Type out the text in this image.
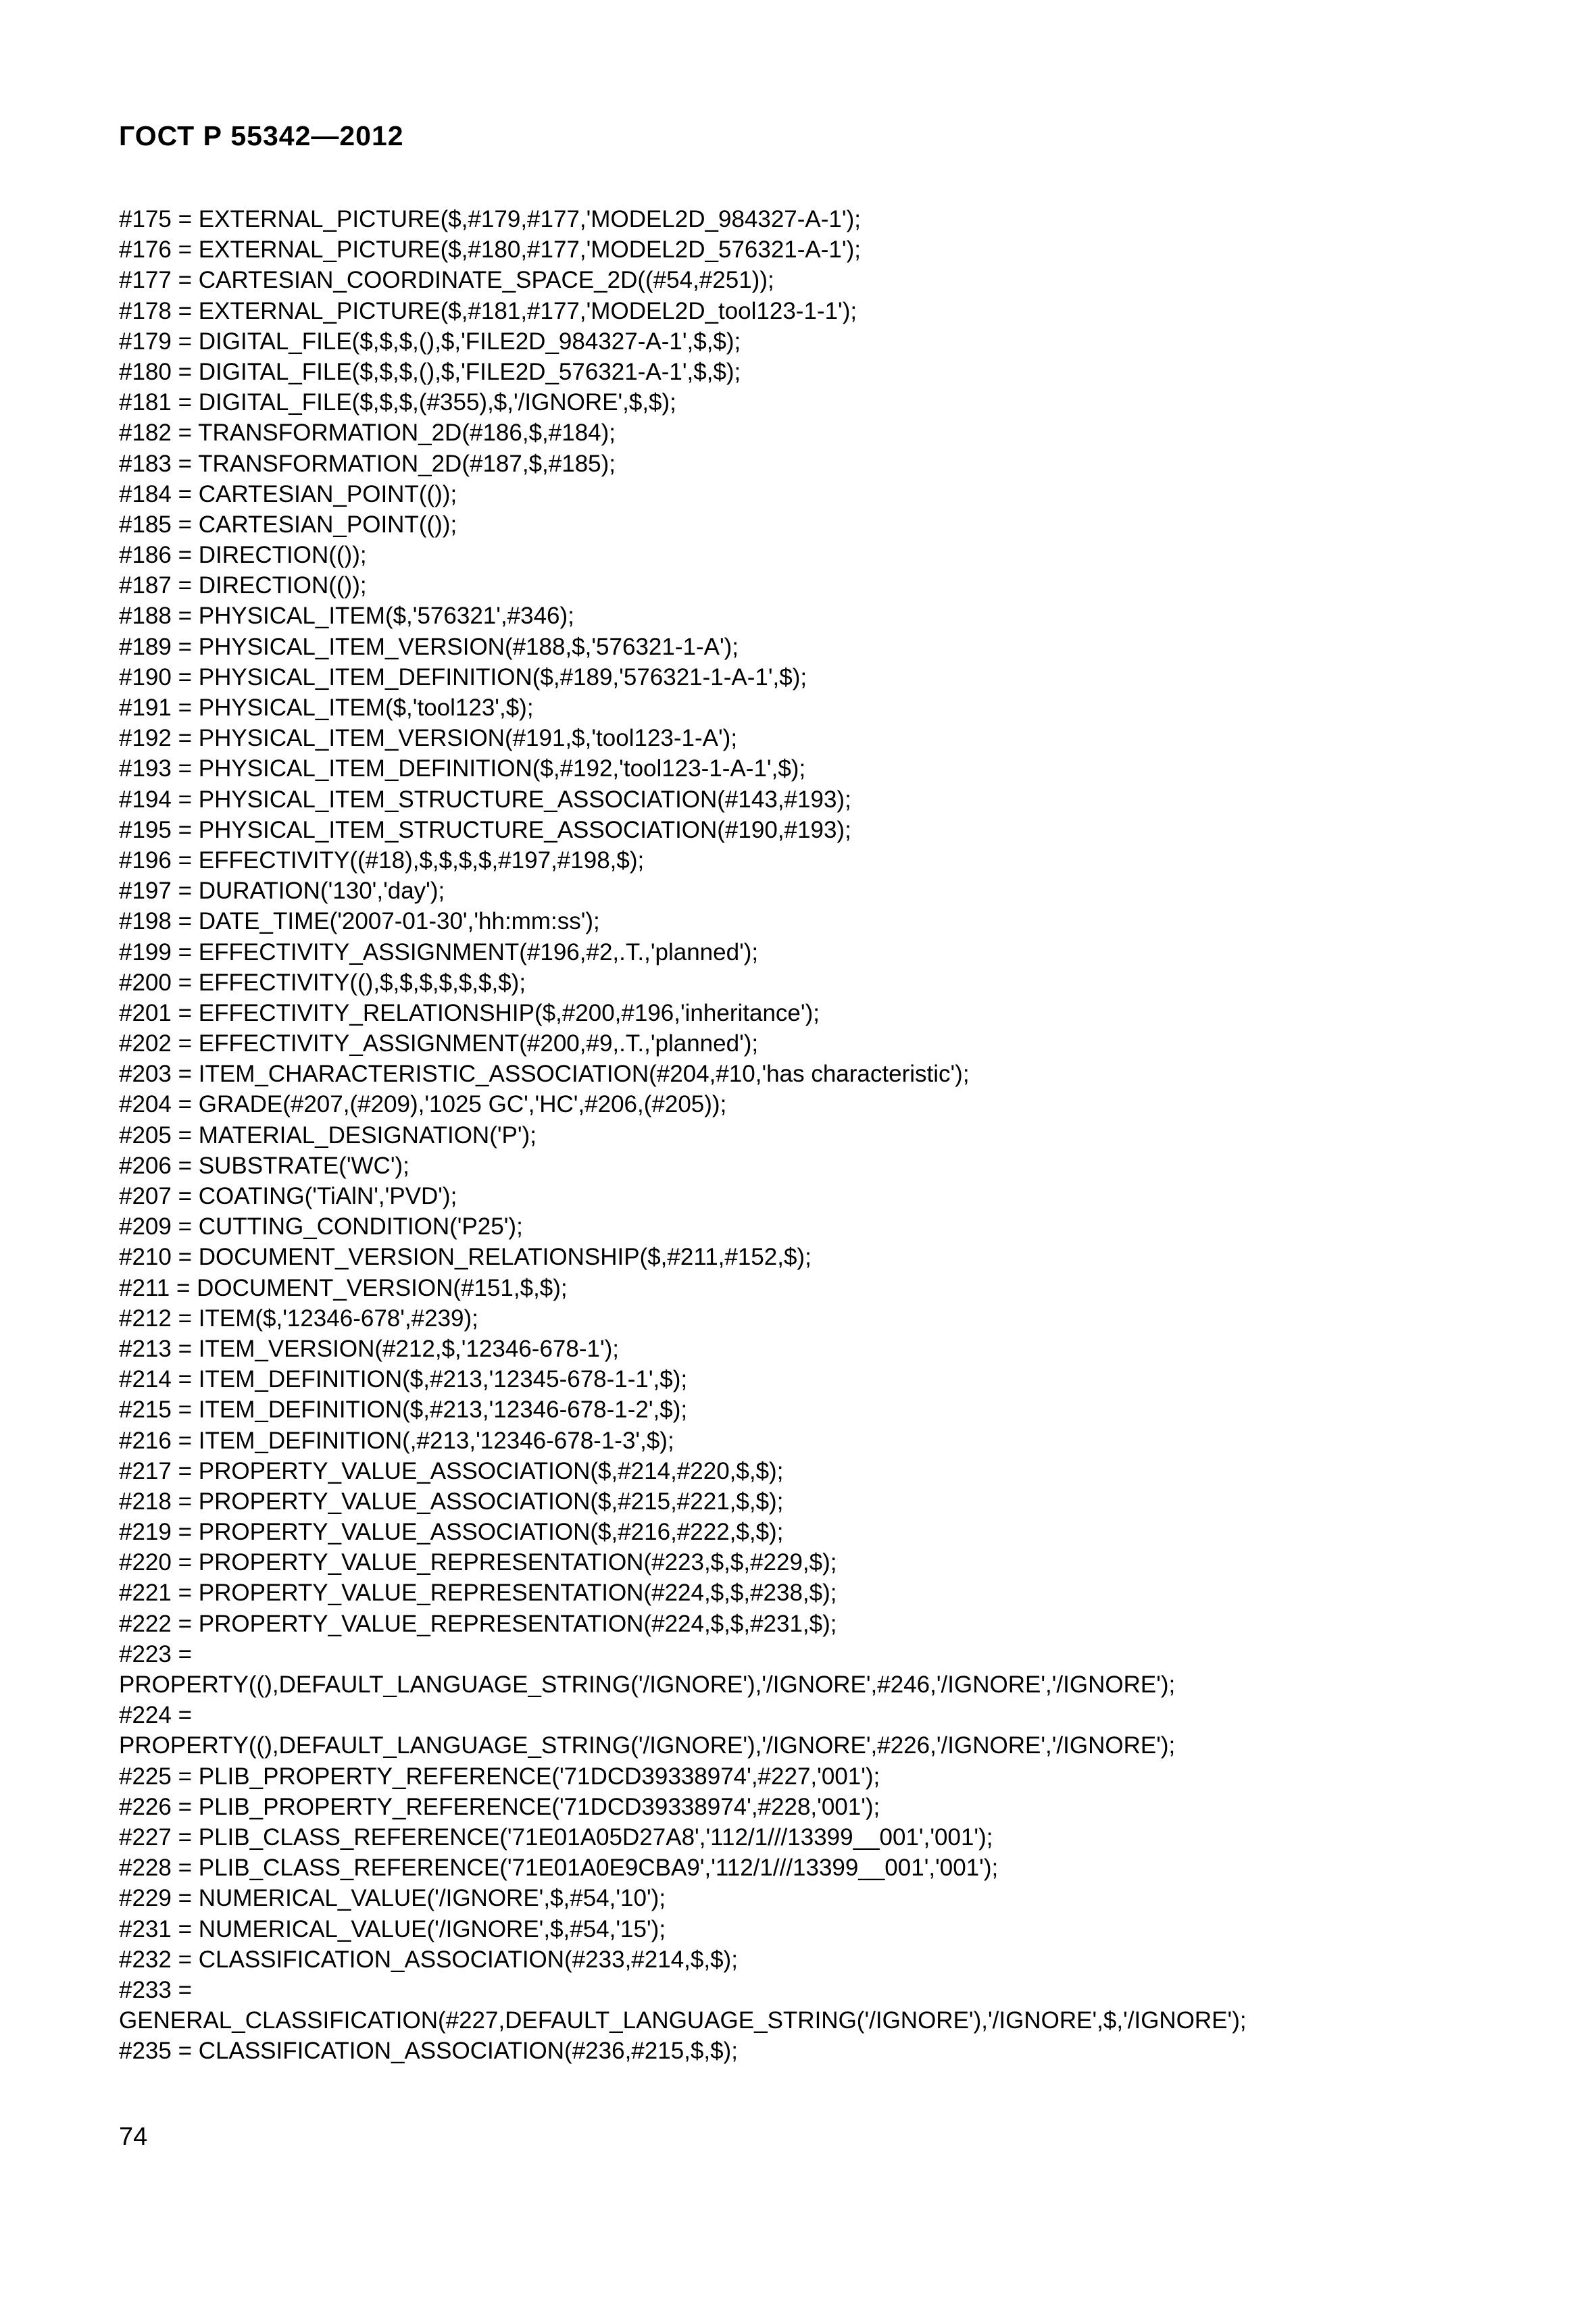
ГОСТ Р 55342—2012
#175 = EXTERNAL_PICTURE($,#179,#177,'MODEL2D_984327-A-1');
#176 = EXTERNAL_PICTURE($,#180,#177,'MODEL2D_576321-A-1');
#177 = CARTESIAN_COORDINATE_SPACE_2D((#54,#251));
#178 = EXTERNAL_PICTURE($,#181,#177,'MODEL2D_tool123-1-1');
#179 = DIGITAL_FILE($,$,$,(),$,'FILE2D_984327-A-1',$,$);
#180 = DIGITAL_FILE($,$,$,(),$,'FILE2D_576321-A-1',$,$);
#181 = DIGITAL_FILE($,$,$,(#355),$,'/IGNORE',$,$);
#182 = TRANSFORMATION_2D(#186,$,#184);
#183 = TRANSFORMATION_2D(#187,$,#185);
#184 = CARTESIAN_POINT(());
#185 = CARTESIAN_POINT(());
#186 = DIRECTION(());
#187 = DIRECTION(());
#188 = PHYSICAL_ITEM($,'576321',#346);
#189 = PHYSICAL_ITEM_VERSION(#188,$,'576321-1-A');
#190 = PHYSICAL_ITEM_DEFINITION($,#189,'576321-1-A-1',$);
#191 = PHYSICAL_ITEM($,'tool123',$);
#192 = PHYSICAL_ITEM_VERSION(#191,$,'tool123-1-A');
#193 = PHYSICAL_ITEM_DEFINITION($,#192,'tool123-1-A-1',$);
#194 = PHYSICAL_ITEM_STRUCTURE_ASSOCIATION(#143,#193);
#195 = PHYSICAL_ITEM_STRUCTURE_ASSOCIATION(#190,#193);
#196 = EFFECTIVITY((#18),$,$,$,$,#197,#198,$);
#197 = DURATION('130','day');
#198 = DATE_TIME('2007-01-30','hh:mm:ss');
#199 = EFFECTIVITY_ASSIGNMENT(#196,#2,.T.,'planned');
#200 = EFFECTIVITY((),$,$,$,$,$,$,$);
#201 = EFFECTIVITY_RELATIONSHIP($,#200,#196,'inheritance');
#202 = EFFECTIVITY_ASSIGNMENT(#200,#9,.T.,'planned');
#203 = ITEM_CHARACTERISTIC_ASSOCIATION(#204,#10,'has characteristic');
#204 = GRADE(#207,(#209),'1025 GC','HC',#206,(#205));
#205 = MATERIAL_DESIGNATION('P');
#206 = SUBSTRATE('WC');
#207 = COATING('TiAlN','PVD');
#209 = CUTTING_CONDITION('P25');
#210 = DOCUMENT_VERSION_RELATIONSHIP($,#211,#152,$);
#211 = DOCUMENT_VERSION(#151,$,$);
#212 = ITEM($,'12346-678',#239);
#213 = ITEM_VERSION(#212,$,'12346-678-1');
#214 = ITEM_DEFINITION($,#213,'12345-678-1-1',$);
#215 = ITEM_DEFINITION($,#213,'12346-678-1-2',$);
#216 = ITEM_DEFINITION(,#213,'12346-678-1-3',$);
#217 = PROPERTY_VALUE_ASSOCIATION($,#214,#220,$,$);
#218 = PROPERTY_VALUE_ASSOCIATION($,#215,#221,$,$);
#219 = PROPERTY_VALUE_ASSOCIATION($,#216,#222,$,$);
#220 = PROPERTY_VALUE_REPRESENTATION(#223,$,$,#229,$);
#221 = PROPERTY_VALUE_REPRESENTATION(#224,$,$,#238,$);
#222 = PROPERTY_VALUE_REPRESENTATION(#224,$,$,#231,$);
#223 =
PROPERTY((),DEFAULT_LANGUAGE_STRING('/IGNORE'),'/IGNORE',#246,'/IGNORE','/IGNORE');
#224 =
PROPERTY((),DEFAULT_LANGUAGE_STRING('/IGNORE'),'/IGNORE',#226,'/IGNORE','/IGNORE');
#225 = PLIB_PROPERTY_REFERENCE('71DCD39338974',#227,'001');
#226 = PLIB_PROPERTY_REFERENCE('71DCD39338974',#228,'001');
#227 = PLIB_CLASS_REFERENCE('71E01A05D27A8','112/1///13399__001','001');
#228 = PLIB_CLASS_REFERENCE('71E01A0E9CBA9','112/1///13399__001','001');
#229 = NUMERICAL_VALUE('/IGNORE',$,#54,'10');
#231 = NUMERICAL_VALUE('/IGNORE',$,#54,'15');
#232 = CLASSIFICATION_ASSOCIATION(#233,#214,$,$);
#233 =
GENERAL_CLASSIFICATION(#227,DEFAULT_LANGUAGE_STRING('/IGNORE'),'/IGNORE',$,'/IGNORE');
#235 = CLASSIFICATION_ASSOCIATION(#236,#215,$,$);
74
